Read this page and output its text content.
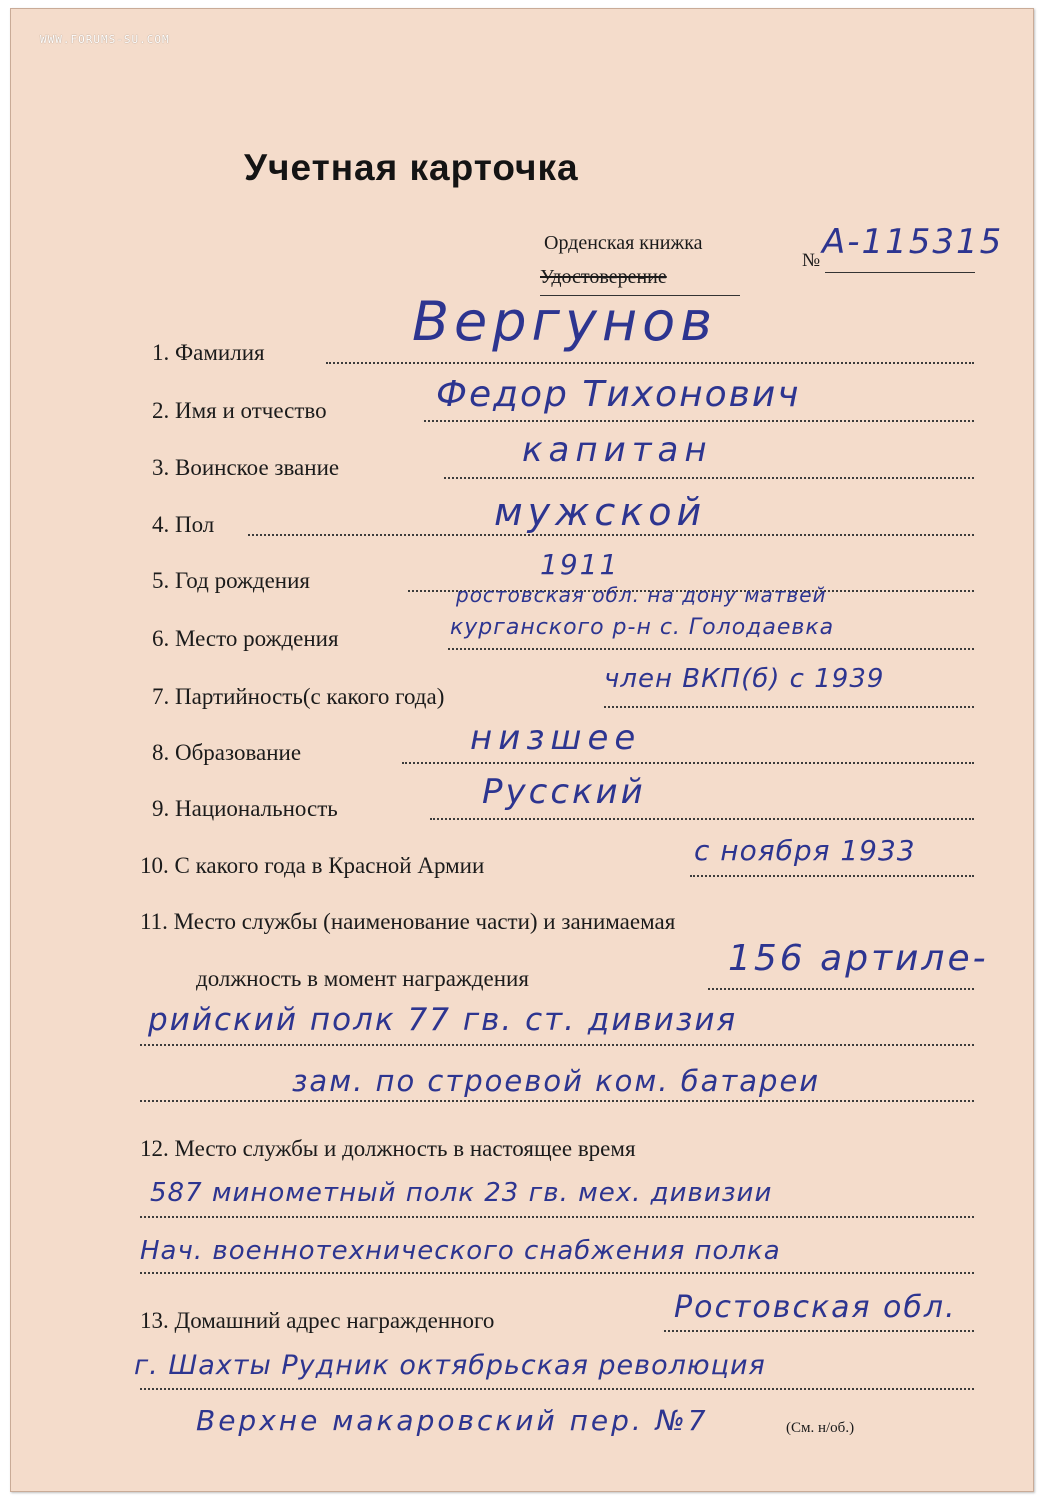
WWW.FORUMS-SU.COM
Учетная карточка
Орденская книжка
Удостоверение
№ А-115315
1. Фамилия	Вергунов
2. Имя и отчество	Федор Тихонович
3. Воинское звание	капитан
4. Пол	мужской
5. Год рождения	1911
6. Место рождения
ростовская обл. на дону матвей
курганского р-н с. Голодаевка
7. Партийность(с какого года)
член ВКП(б) с 1939
8. Образование	низшее
9. Национальность	Русский
10. С какого года в Красной Армии	с ноября 1933
11. Место службы (наименование части) и занимаемая
должность в момент награждения	156 артиле-
рийский полк 77 гв. ст. дивизия
зам. по строевой ком. батареи
12. Место службы и должность в настоящее время
587 минометный полк 23 гв. мех. дивизии
Нач. военнотехнического снабжения полка
13. Домашний адрес награжденного	Ростовская обл.
г. Шахты Рудник октябрьская революция
Верхне макаровский пер. №7	(См. н/об.)
